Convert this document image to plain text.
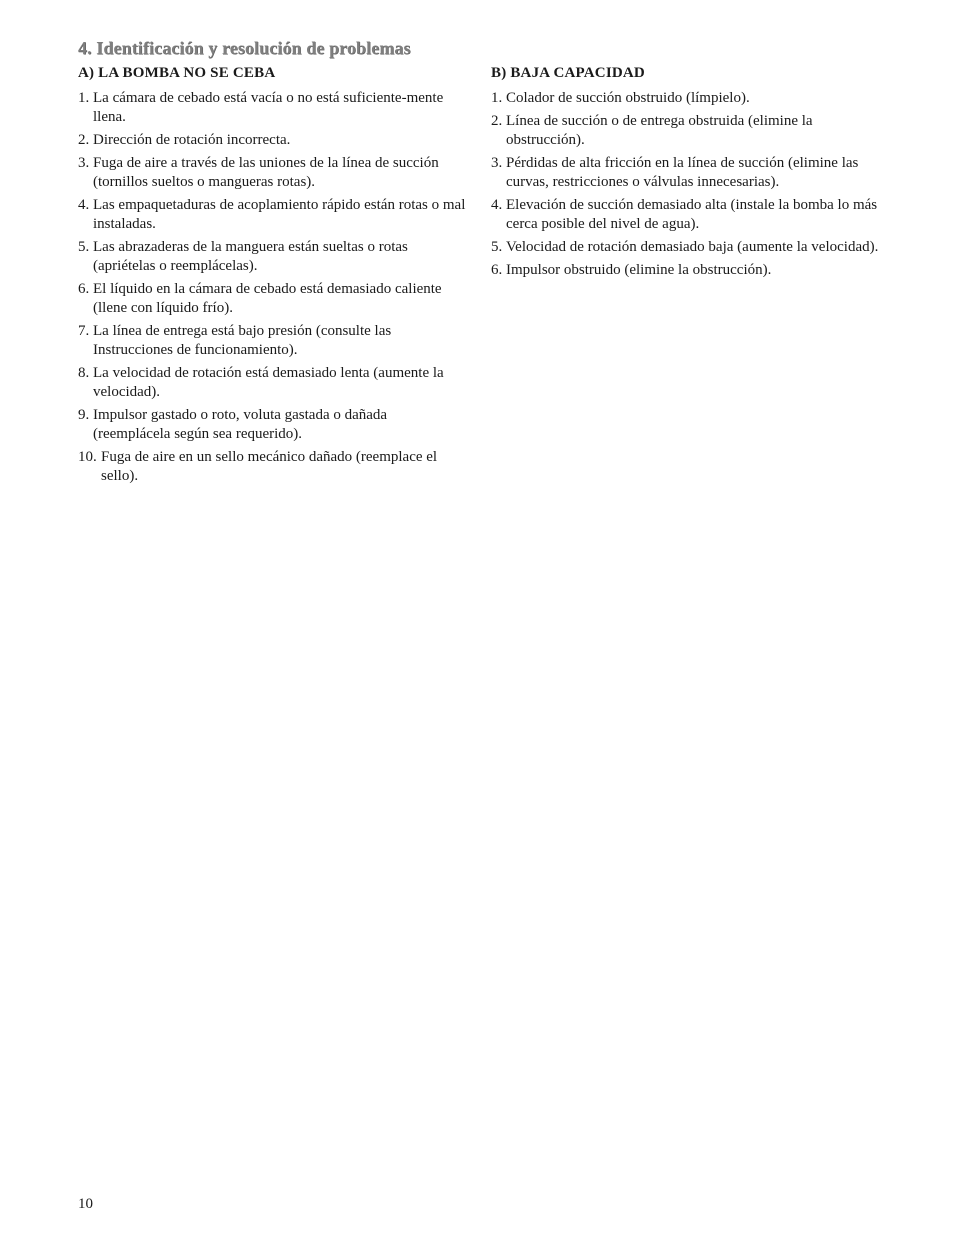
4. Identificación y resolución de problemas
A) LA BOMBA NO SE CEBA
1. La cámara de cebado está vacía o no está suficiente-mente llena.
2. Dirección de rotación incorrecta.
3. Fuga de aire a través de las uniones de la línea de succión (tornillos sueltos o mangueras rotas).
4. Las empaquetaduras de acoplamiento rápido están rotas o mal instaladas.
5. Las abrazaderas de la manguera están sueltas o rotas (apriételas o reemplácelas).
6. El líquido en la cámara de cebado está demasiado caliente (llene con líquido frío).
7. La línea de entrega está bajo presión (consulte las Instrucciones de funcionamiento).
8. La velocidad de rotación está demasiado lenta (aumente la velocidad).
9. Impulsor gastado o roto, voluta gastada o dañada (reemplácela según sea requerido).
10. Fuga de aire en un sello mecánico dañado (reemplace el sello).
B) BAJA CAPACIDAD
1. Colador de succión obstruido (límpielo).
2. Línea de succión o de entrega obstruida (elimine la obstrucción).
3. Pérdidas de alta fricción en la línea de succión (elimine las curvas, restricciones o válvulas innecesarias).
4. Elevación de succión demasiado alta (instale la bomba lo más cerca posible del nivel de agua).
5. Velocidad de rotación demasiado baja (aumente la velocidad).
6. Impulsor obstruido (elimine la obstrucción).
10
